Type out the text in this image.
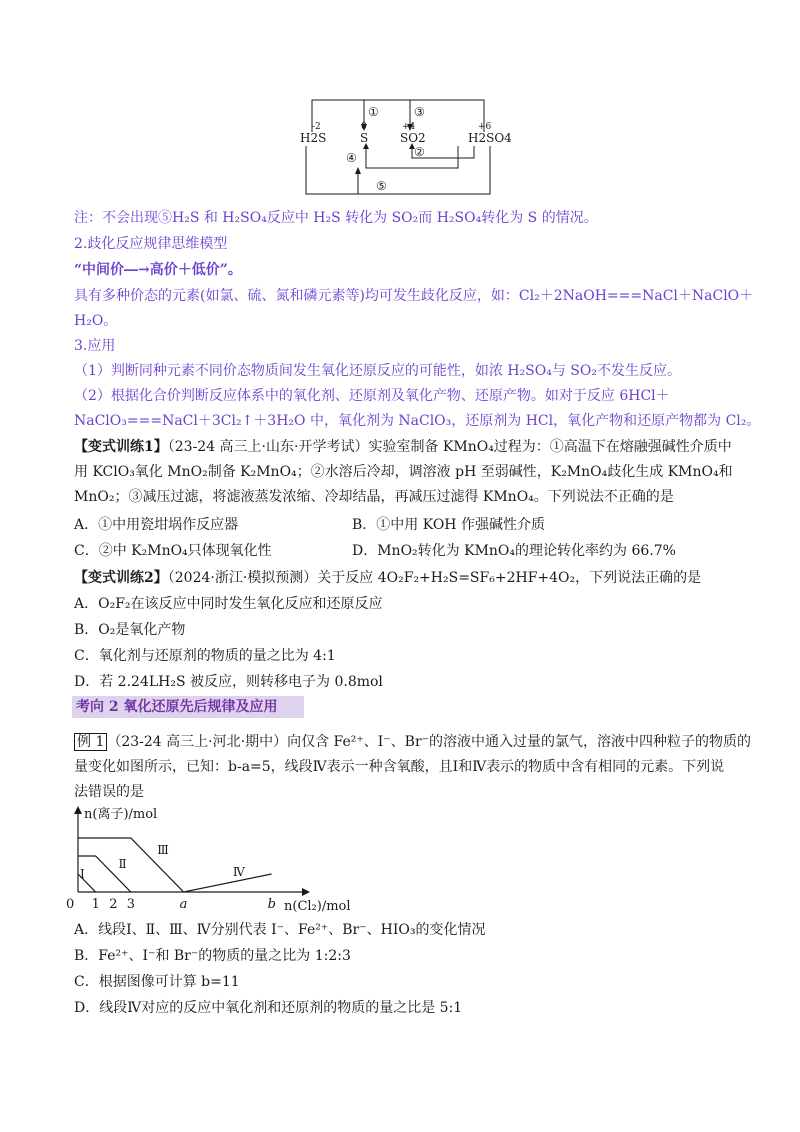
-2	0	+4	+6
H2S	S	SO2	H2SO4
①
②
③
④
⑤
注：不会出现⑤H₂S 和 H₂SO₄反应中 H₂S 转化为 SO₂而 H₂SO₄转化为 S 的情况。
2.歧化反应规律思维模型
“中间价―→高价＋低价”。
具有多种价态的元素(如氯、硫、氮和磷元素等)均可发生歧化反应，如：Cl₂＋2NaOH===NaCl＋NaClO＋
H₂O。
3.应用
（1）判断同种元素不同价态物质间发生氧化还原反应的可能性，如浓 H₂SO₄与 SO₂不发生反应。
（2）根据化合价判断反应体系中的氧化剂、还原剂及氧化产物、还原产物。如对于反应 6HCl＋
NaClO₃===NaCl＋3Cl₂↑＋3H₂O 中，氧化剂为 NaClO₃，还原剂为 HCl，氧化产物和还原产物都为 Cl₂。
【变式训练1】（23-24 高三上·山东·开学考试）实验室制备 KMnO₄过程为：①高温下在熔融强碱性介质中
用 KClO₃氧化 MnO₂制备 K₂MnO₄；②水溶后冷却，调溶液 pH 至弱碱性，K₂MnO₄歧化生成 KMnO₄和
MnO₂；③减压过滤，将滤液蒸发浓缩、冷却结晶，再减压过滤得 KMnO₄。下列说法不正确的是
A．①中用瓷坩埚作反应器	B．①中用 KOH 作强碱性介质
C．②中 K₂MnO₄只体现氧化性	D．MnO₂转化为 KMnO₄的理论转化率约为 66.7%
【变式训练2】（2024·浙江·模拟预测）关于反应 4O₂F₂+H₂S=SF₆+2HF+4O₂，下列说法正确的是
A．O₂F₂在该反应中同时发生氧化反应和还原反应
B．O₂是氧化产物
C．氧化剂与还原剂的物质的量之比为 4:1
D．若 2.24LH₂S 被反应，则转移电子为 0.8mol
考向 2 氧化还原先后规律及应用
例 1 （23-24 高三上·河北·期中）向仅含 Fe²⁺、I⁻、Br⁻的溶液中通入过量的氯气，溶液中四种粒子的物质的
量变化如图所示，已知：b-a=5，线段Ⅳ表示一种含氧酸，且Ⅰ和Ⅳ表示的物质中含有相同的元素。下列说
法错误的是
n(离子)/mol
n(Cl₂)/mol
0 1 2 3	a	b
Ⅰ
Ⅱ
Ⅲ
Ⅳ
A．线段Ⅰ、Ⅱ、Ⅲ、Ⅳ分别代表 I⁻、Fe²⁺、Br⁻、HIO₃的变化情况
B．Fe²⁺、I⁻和 Br⁻的物质的量之比为 1:2:3
C．根据图像可计算 b=11
D．线段Ⅳ对应的反应中氧化剂和还原剂的物质的量之比是 5:1
